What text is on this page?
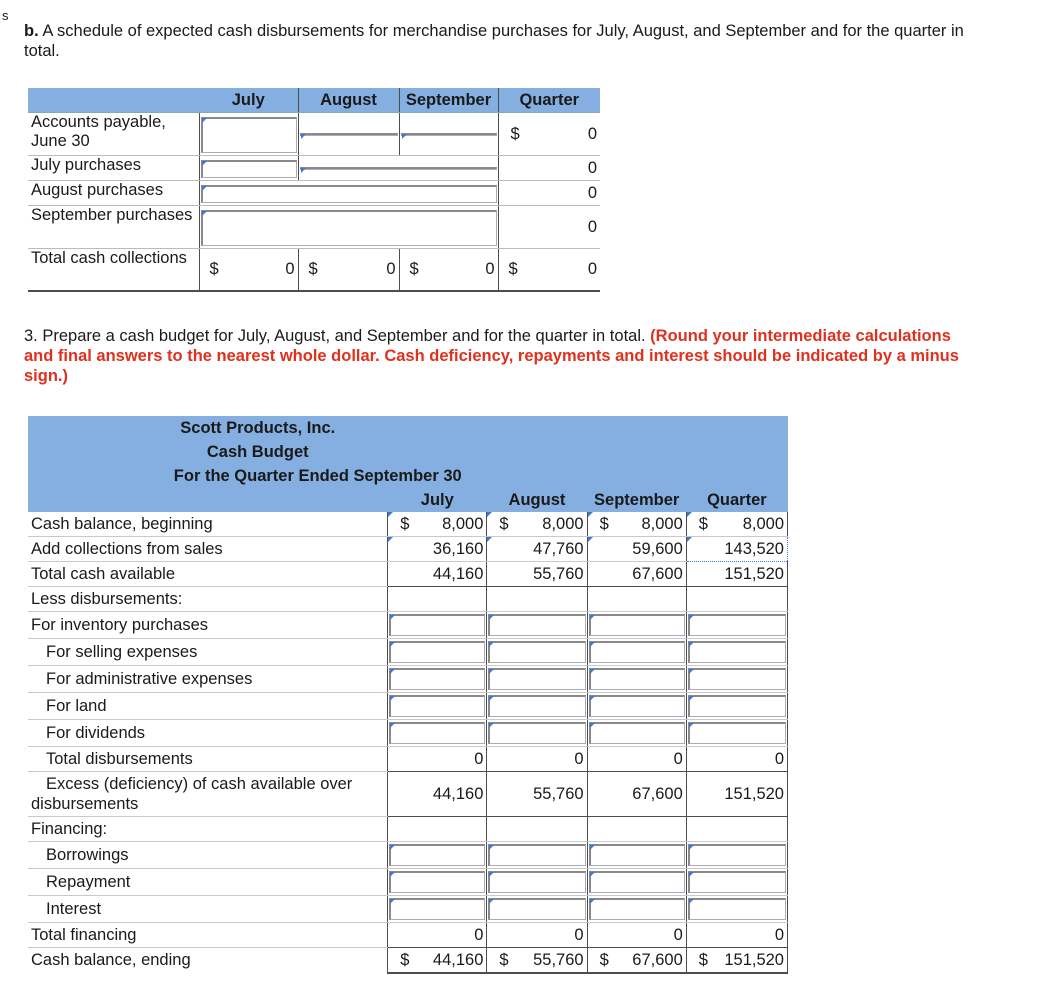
s
b. A schedule of expected cash disbursements for merchandise purchases for July, August, and September and for the quarter in total.
	July	August	September	Quarter
Accounts payable, June 30				$ 0
July purchases				0
August purchases				0
September purchases				0
Total cash collections	$ 0	$ 0	$ 0	$ 0
3. Prepare a cash budget for July, August, and September and for the quarter in total. (Round your intermediate calculations and final answers to the nearest whole dollar. Cash deficiency, repayments and interest should be indicated by a minus sign.)
Scott Products, Inc.				
Cash Budget				
For the Quarter Ended September 30				
	July	August	September	Quarter
Cash balance, beginning	$ 8,000	$ 8,000	$ 8,000	$ 8,000
Add collections from sales	36,160	47,760	59,600	143,520
Total cash available	44,160	55,760	67,600	151,520
Less disbursements:				
For inventory purchases	

For selling expenses	

For administrative expenses	

For land	

For dividends	

Total disbursements	0	0	0	0
Excess (deficiency) of cash available over
disbursements	44,160	55,760	67,600	151,520
Financing:				
Borrowings	

Repayment	

Interest	

Total financing	0	0	0	0
Cash balance, ending	$ 44,160	$ 55,760	$ 67,600	$ 151,520
